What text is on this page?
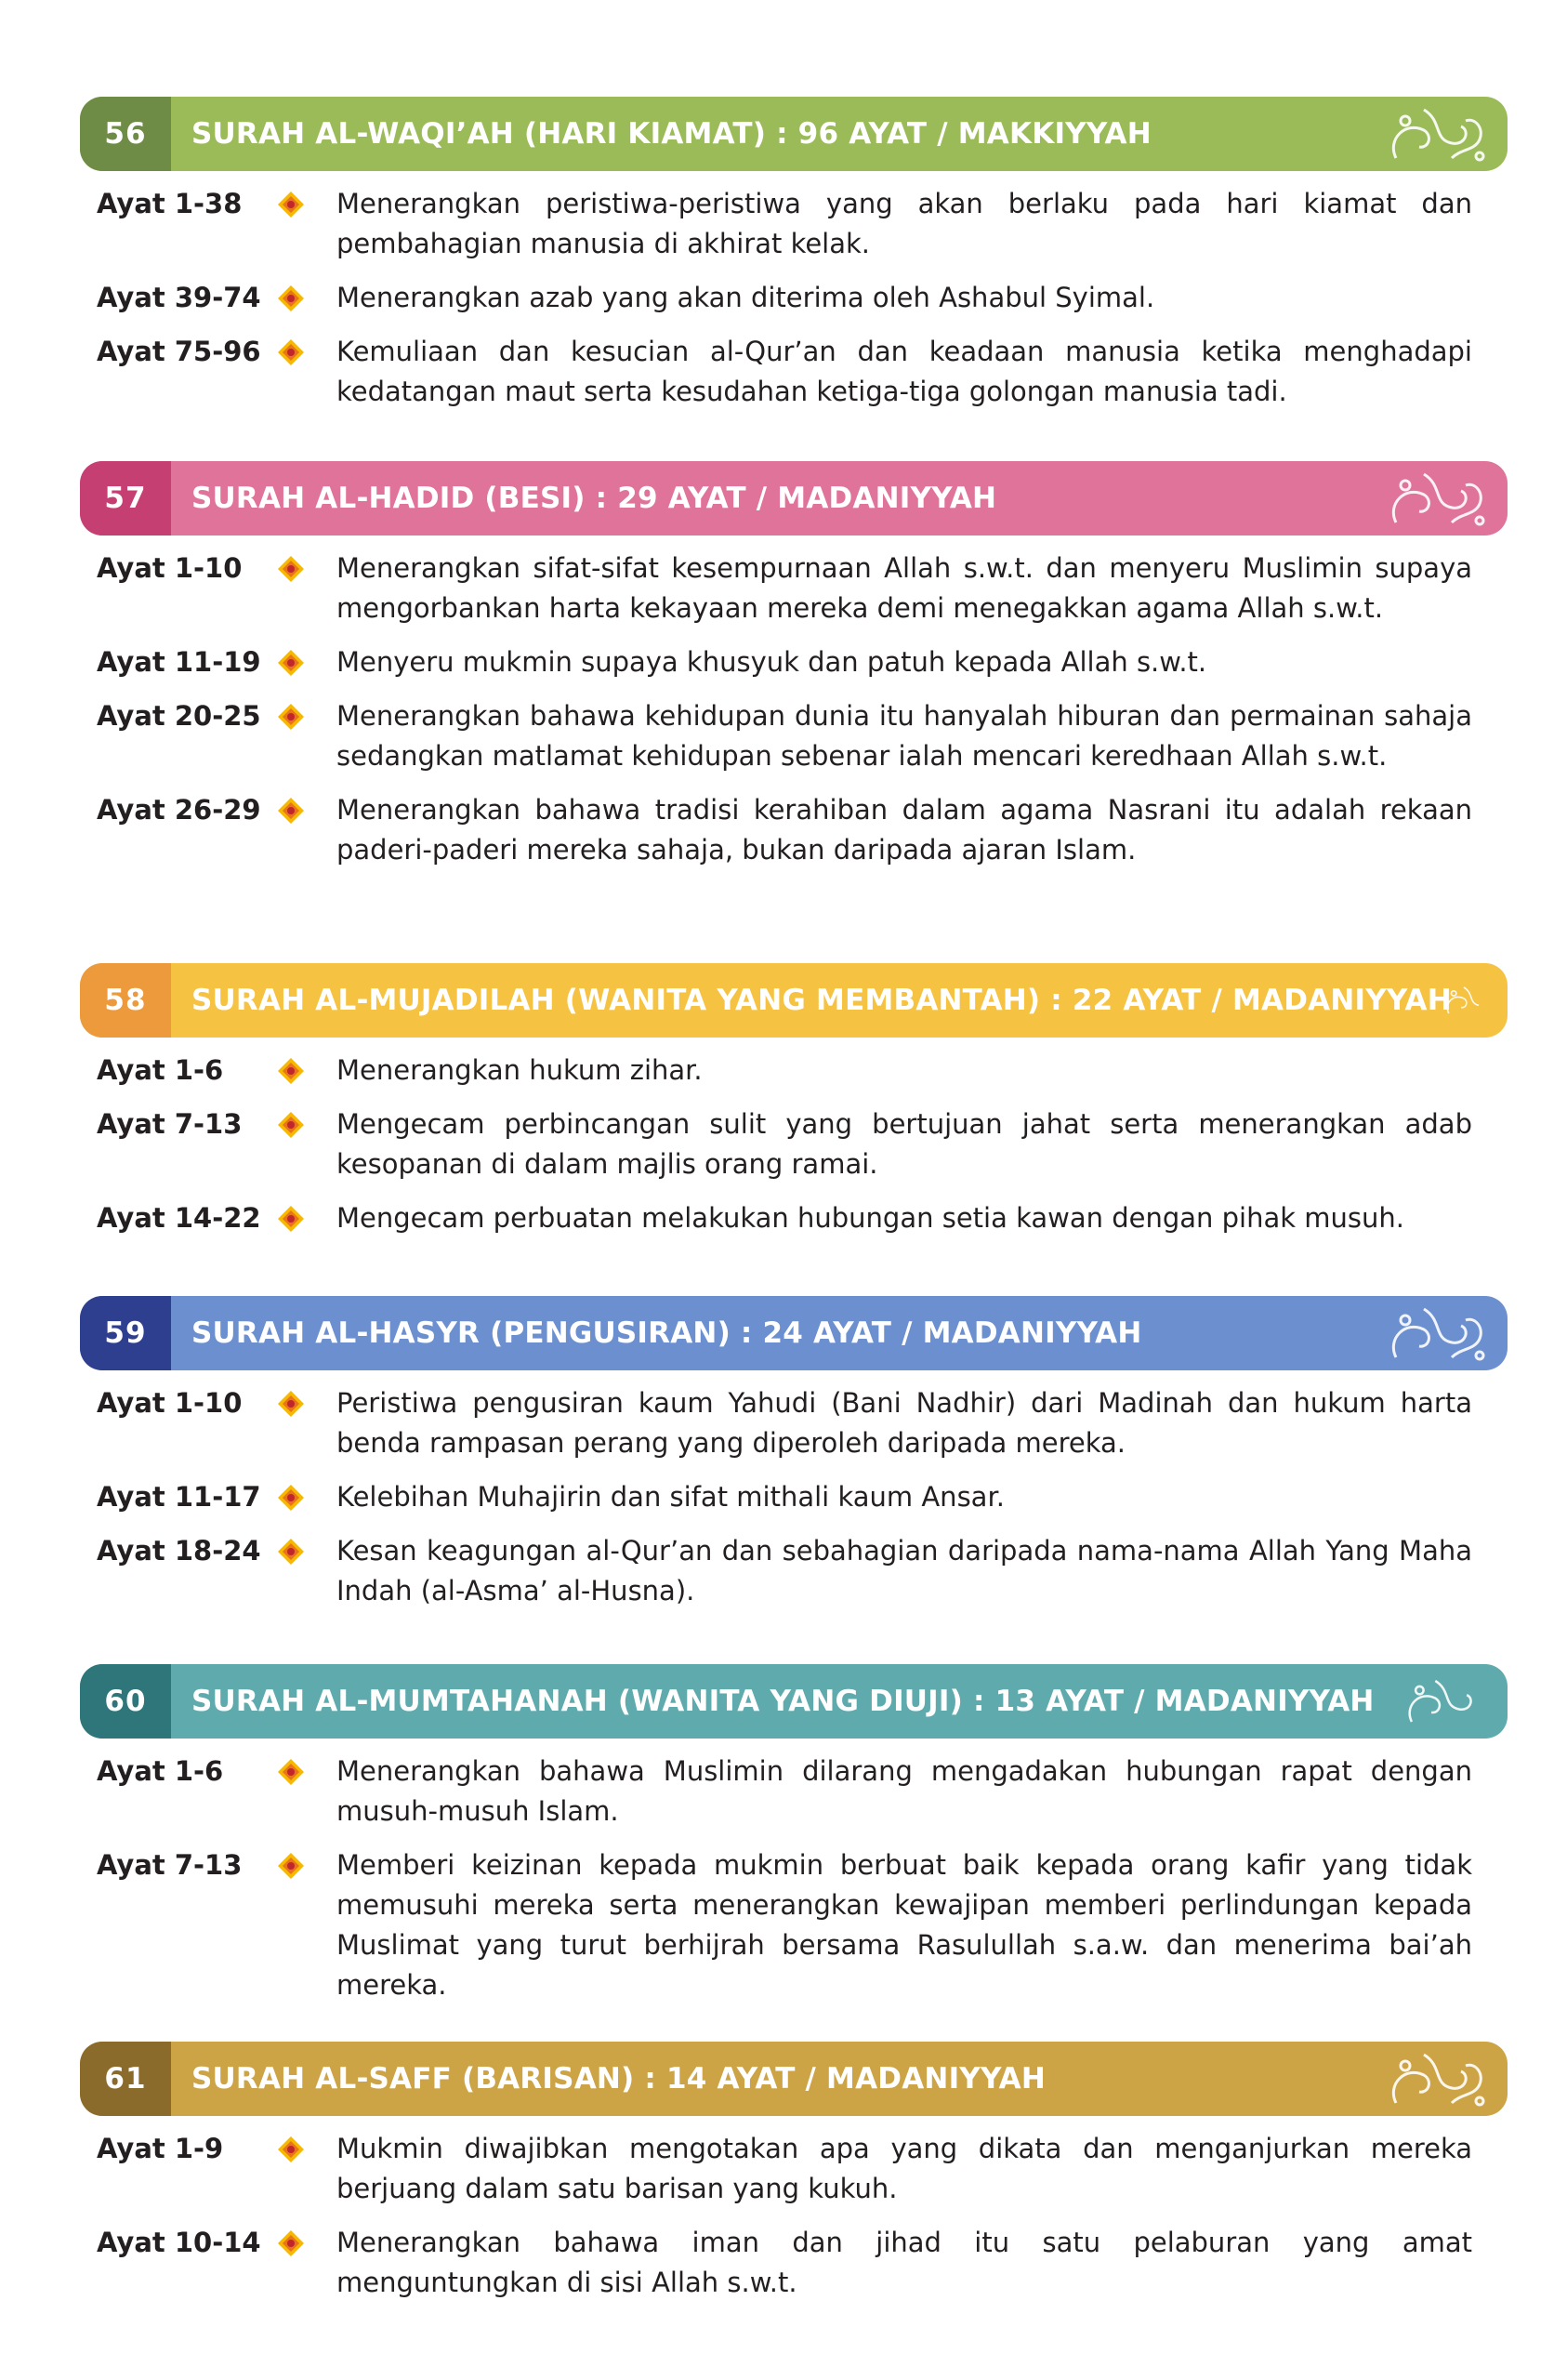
56	SURAH AL-WAQI’AH (HARI KIAMAT) : 96 AYAT / MAKKIYYAH
Ayat 1-38	Menerangkan peristiwa-peristiwa yang akan berlaku pada hari kiamat dan pembahagian manusia di akhirat kelak.
Ayat 39-74	Menerangkan azab yang akan diterima oleh Ashabul Syimal.
Ayat 75-96	Kemuliaan dan kesucian al-Qur’an dan keadaan manusia ketika menghadapi kedatangan maut serta kesudahan ketiga-tiga golongan manusia tadi.
57	SURAH AL-HADID (BESI) : 29 AYAT / MADANIYYAH
Ayat 1-10	Menerangkan sifat-sifat kesempurnaan Allah s.w.t. dan menyeru Muslimin supaya mengorbankan harta kekayaan mereka demi menegakkan agama Allah s.w.t.
Ayat 11-19	Menyeru mukmin supaya khusyuk dan patuh kepada Allah s.w.t.
Ayat 20-25	Menerangkan bahawa kehidupan dunia itu hanyalah hiburan dan permainan sahaja sedangkan matlamat kehidupan sebenar ialah mencari keredhaan Allah s.w.t.
Ayat 26-29	Menerangkan bahawa tradisi kerahiban dalam agama Nasrani itu adalah rekaan paderi-paderi mereka sahaja, bukan daripada ajaran Islam.
58	SURAH AL-MUJADILAH (WANITA YANG MEMBANTAH) : 22 AYAT / MADANIYYAH
Ayat 1-6	Menerangkan hukum zihar.
Ayat 7-13	Mengecam perbincangan sulit yang bertujuan jahat serta menerangkan adab kesopanan di dalam majlis orang ramai.
Ayat 14-22	Mengecam perbuatan melakukan hubungan setia kawan dengan pihak musuh.
59	SURAH AL-HASYR (PENGUSIRAN) : 24 AYAT / MADANIYYAH
Ayat 1-10	Peristiwa pengusiran kaum Yahudi (Bani Nadhir) dari Madinah dan hukum harta benda rampasan perang yang diperoleh daripada mereka.
Ayat 11-17	Kelebihan Muhajirin dan sifat mithali kaum Ansar.
Ayat 18-24	Kesan keagungan al-Qur’an dan sebahagian daripada nama-nama Allah Yang Maha Indah (al-Asma’ al-Husna).
60	SURAH AL-MUMTAHANAH (WANITA YANG DIUJI) : 13 AYAT / MADANIYYAH
Ayat 1-6	Menerangkan bahawa Muslimin dilarang mengadakan hubungan rapat dengan musuh-musuh Islam.
Ayat 7-13	Memberi keizinan kepada mukmin berbuat baik kepada orang kafir yang tidak memusuhi mereka serta menerangkan kewajipan memberi perlindungan kepada Muslimat yang turut berhijrah bersama Rasulullah s.a.w. dan menerima bai’ah mereka.
61	SURAH AL-SAFF (BARISAN) : 14 AYAT / MADANIYYAH
Ayat 1-9	Mukmin diwajibkan mengotakan apa yang dikata dan menganjurkan mereka berjuang dalam satu barisan yang kukuh.
Ayat 10-14	Menerangkan bahawa iman dan jihad itu satu pelaburan yang amat menguntungkan di sisi Allah s.w.t.
